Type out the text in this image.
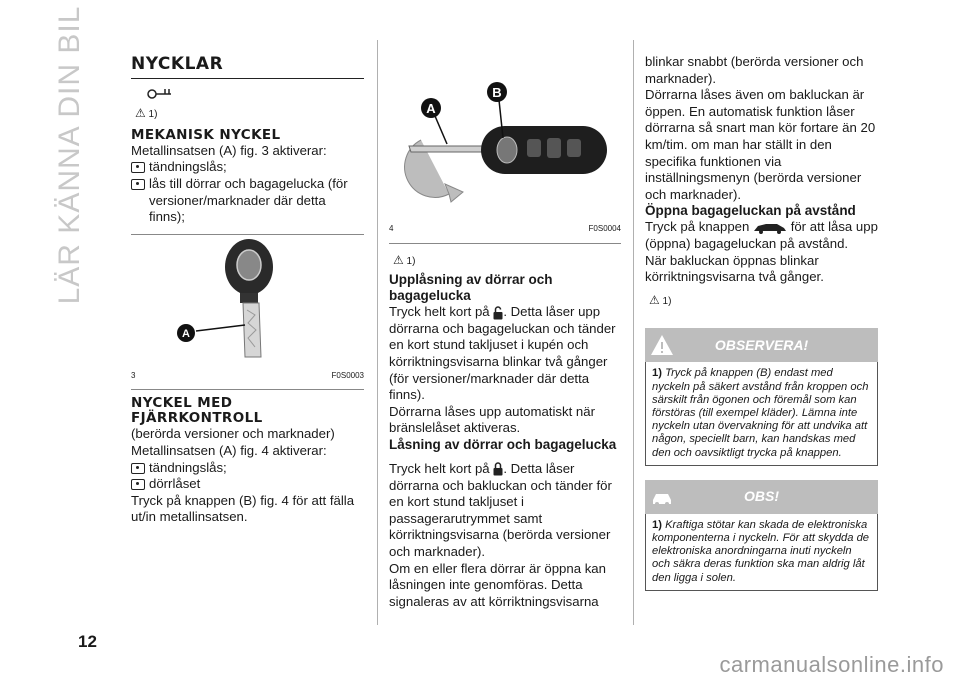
LÄR KÄNNA DIN BIL	NYCKLAR
⚠ 1)
MEKANISK NYCKEL

Metallinsatsen (A) fig. 3 aktiverar:

tändningslås;
lås till dörrar och bagagelucka (för versioner/marknader där detta finns);
A
3	F0S0003
NYCKEL MED FJÄRRKONTROLL

(berörda versioner och marknader)

Metallinsatsen (A) fig. 4 aktiverar:

tändningslås;
dörrlåset

Tryck på knappen (B) fig. 4 för att fälla ut/in metallinsatsen.

A
B
4	F0S0004
⚠ 1)
Upplåsning av dörrar och bagagelucka

Tryck helt kort på . Detta låser upp dörrarna och bagageluckan och tänder en kort stund takljuset i kupén och körriktningsvisarna blinkar två gånger (för versioner/marknader där detta finns).

Dörrarna låses upp automatiskt när bränslelåset aktiveras.

Låsning av dörrar och bagagelucka

Tryck helt kort på . Detta låser dörrarna och bakluckan och tänder för en kort stund takljuset i passagerarutrymmet samt körriktningsvisarna (berörda versioner och marknader).

Om en eller flera dörrar är öppna kan låsningen inte genomföras. Detta signaleras av att körriktningsvisarna

blinkar snabbt (berörda versioner och marknader).

Dörrarna låses även om bakluckan är öppen. En automatisk funktion låser dörrarna så snart man kör fortare än 20 km/tim. om man har ställt in den specifika funktionen via inställningsmenyn (berörda versioner och marknader).

Öppna bagageluckan på avstånd

Tryck på knappen	för att låsa upp (öppna) bagageluckan på avstånd.

När bakluckan öppnas blinkar körriktningsvisarna två gånger.

⚠ 1)
OBSERVERA!
1) Tryck på knappen (B) endast med nyckeln på säkert avstånd från kroppen och särskilt från ögonen och föremål som kan förstöras (till exempel kläder). Lämna inte nyckeln utan övervakning för att undvika att någon, speciellt barn, kan handskas med den och oavsiktligt trycka på knappen.
OBS!
1) Kraftiga stötar kan skada de elektroniska komponenterna i nyckeln. För att skydda de elektroniska anordningarna inuti nyckeln och säkra deras funktion ska man aldrig låt den ligga i solen.
12
carmanualsonline.info
